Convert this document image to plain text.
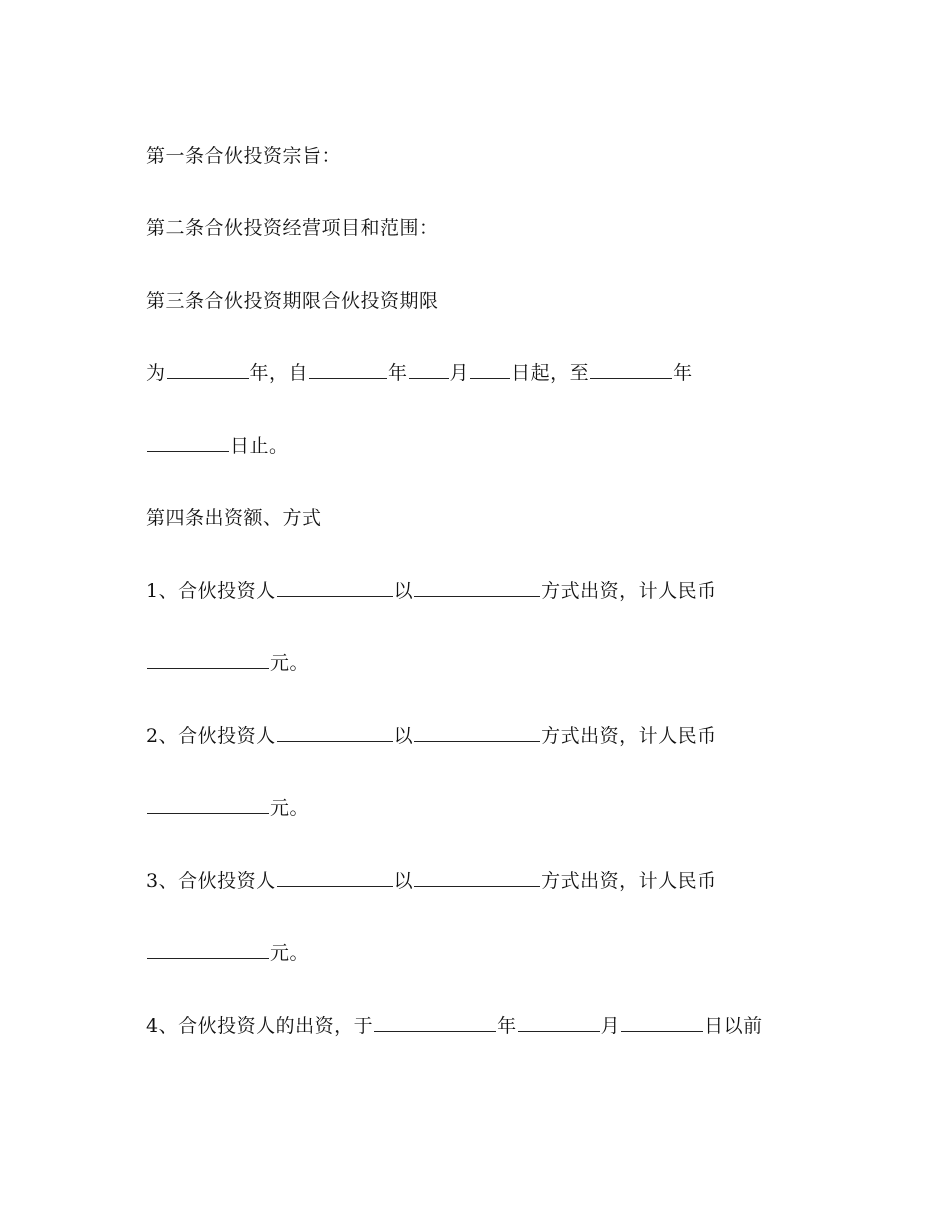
第一条合伙投资宗旨：
第二条合伙投资经营项目和范围：
第三条合伙投资期限合伙投资期限
为	年，自	年 月 日起，至	年
日止。
第四条出资额、方式
1、合伙投资人	以	方式出资，计人民币
元。
2、合伙投资人	以	方式出资，计人民币
元。
3、合伙投资人	以	方式出资，计人民币
元。
4、合伙投资人的出资，于	年	月	日以前
